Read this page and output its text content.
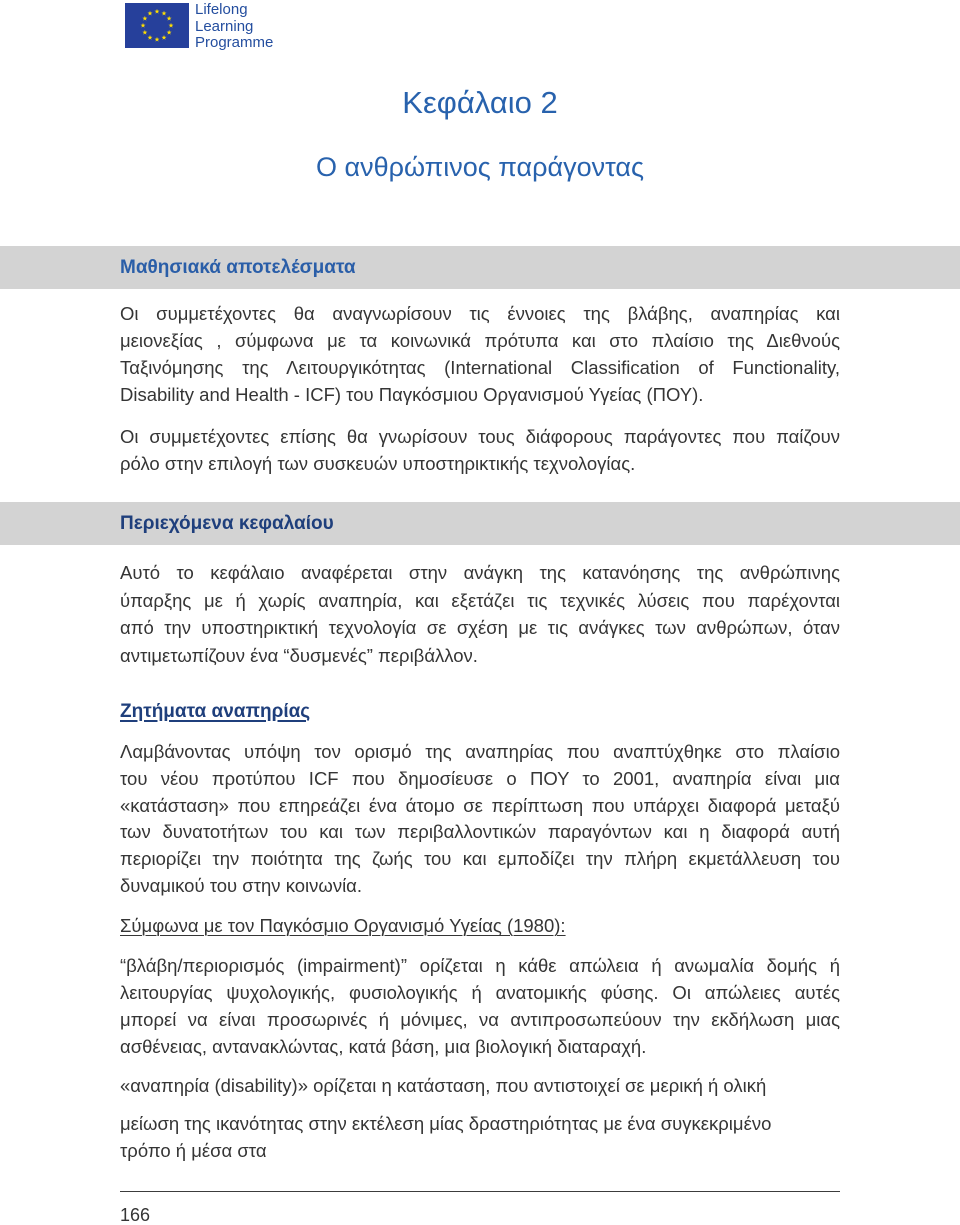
Lifelong
Learning
Programme
Κεφάλαιο 2
Ο ανθρώπινος παράγοντας
Μαθησιακά αποτελέσματα
Οι συμμετέχοντες θα αναγνωρίσουν τις έννοιες της βλάβης, αναπηρίας και
μειονεξίας , σύμφωνα με τα κοινωνικά πρότυπα και στο πλαίσιο της Διεθνούς
Ταξινόμησης της Λειτουργικότητας (International Classification of Functionality,
Disability and Health - ICF) του Παγκόσμιου Οργανισμού Υγείας (ΠΟΥ).
Οι συμμετέχοντες επίσης θα γνωρίσουν τους διάφορους παράγοντες που παίζουν
ρόλο στην επιλογή των συσκευών υποστηρικτικής τεχνολογίας.
Περιεχόμενα κεφαλαίου
Αυτό το κεφάλαιο αναφέρεται στην ανάγκη της κατανόησης της ανθρώπινης
ύπαρξης με ή χωρίς αναπηρία, και εξετάζει τις τεχνικές λύσεις που παρέχονται
από την υποστηρικτική τεχνολογία σε σχέση με τις ανάγκες των ανθρώπων, όταν
αντιμετωπίζουν ένα “δυσμενές” περιβάλλον.
Ζητήματα αναπηρίας
Λαμβάνοντας υπόψη τον ορισμό της αναπηρίας που αναπτύχθηκε στο πλαίσιο
του νέου προτύπου ICF που δημοσίευσε ο ΠΟΥ το 2001, αναπηρία είναι μια
«κατάσταση» που επηρεάζει ένα άτομο σε περίπτωση που υπάρχει διαφορά μεταξύ
των δυνατοτήτων του και των περιβαλλοντικών παραγόντων και η διαφορά αυτή
περιορίζει την ποιότητα της ζωής του και εμποδίζει την πλήρη εκμετάλλευση του
δυναμικού του στην κοινωνία.
Σύμφωνα με τον Παγκόσμιο Οργανισμό Υγείας (1980):
“βλάβη/περιορισμός (impairment)” ορίζεται η κάθε απώλεια ή ανωμαλία δομής ή
λειτουργίας ψυχολογικής, φυσιολογικής ή ανατομικής φύσης. Οι απώλειες αυτές
μπορεί να είναι προσωρινές ή μόνιμες, να αντιπροσωπεύουν την εκδήλωση μιας
ασθένειας, αντανακλώντας, κατά βάση, μια βιολογική διαταραχή.
«αναπηρία (disability)» ορίζεται η κατάσταση, που αντιστοιχεί σε μερική ή ολική
μείωση της ικανότητας στην εκτέλεση μίας δραστηριότητας με ένα συγκεκριμένο
τρόπο ή μέσα στα
166
